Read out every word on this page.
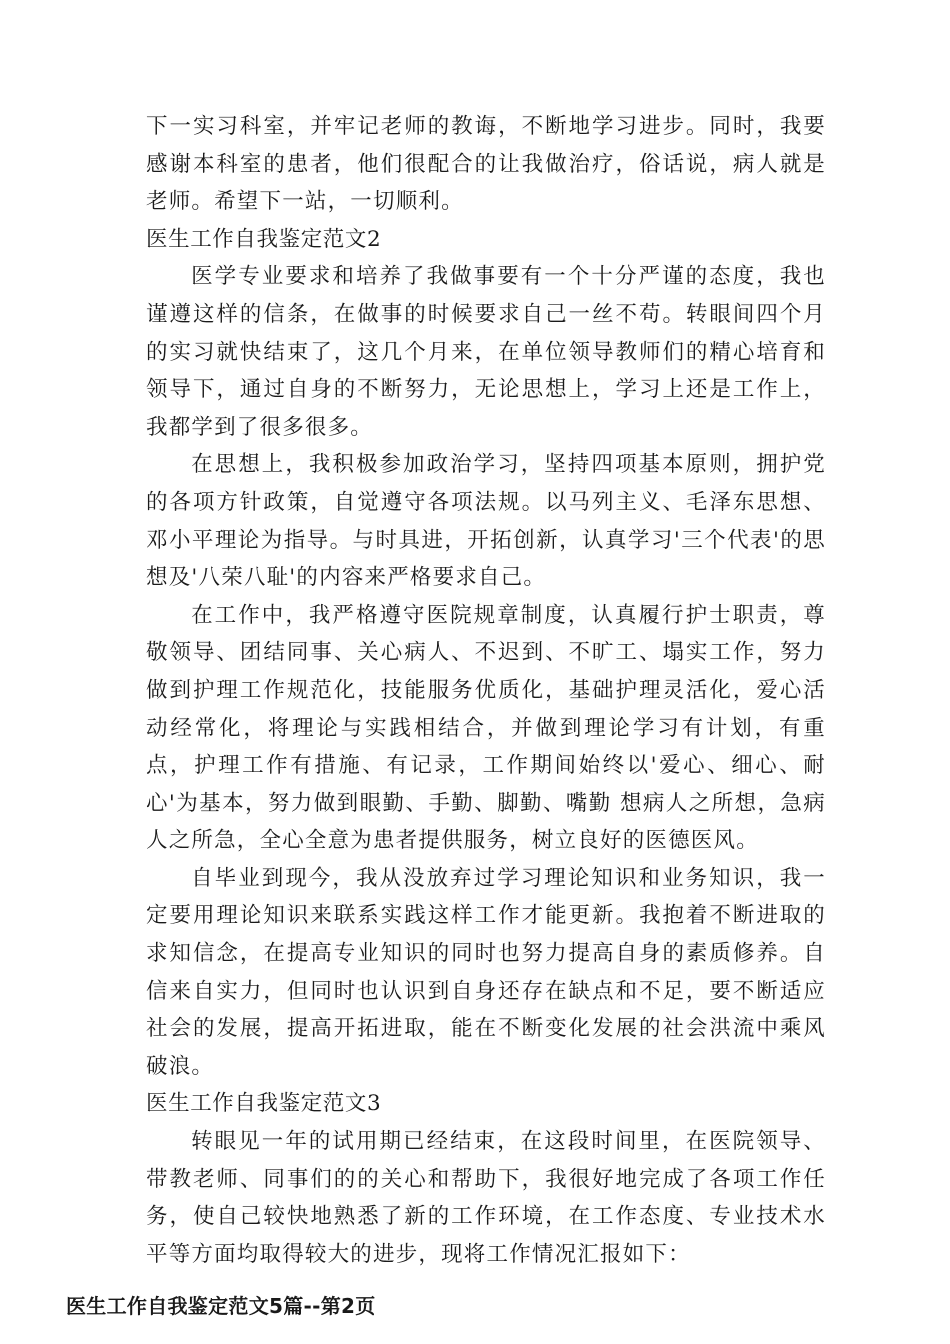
下一实习科室，并牢记老师的教诲，不断地学习进步。同时，我要感谢本科室的患者，他们很配合的让我做治疗，俗话说，病人就是老师。希望下一站，一切顺利。

医生工作自我鉴定范文2

医学专业要求和培养了我做事要有一个十分严谨的态度，我也谨遵这样的信条，在做事的时候要求自己一丝不苟。转眼间四个月的实习就快结束了，这几个月来，在单位领导教师们的精心培育和领导下，通过自身的不断努力，无论思想上，学习上还是工作上，我都学到了很多很多。

在思想上，我积极参加政治学习，坚持四项基本原则，拥护党的各项方针政策，自觉遵守各项法规。以马列主义、毛泽东思想、邓小平理论为指导。与时具进，开拓创新，认真学习'三个代表'的思想及'八荣八耻'的内容来严格要求自己。

在工作中，我严格遵守医院规章制度，认真履行护士职责，尊敬领导、团结同事、关心病人、不迟到、不旷工、塌实工作，努力做到护理工作规范化，技能服务优质化，基础护理灵活化，爱心活动经常化，将理论与实践相结合，并做到理论学习有计划，有重点，护理工作有措施、有记录，工作期间始终以'爱心、细心、耐心'为基本，努力做到眼勤、手勤、脚勤、嘴勤 想病人之所想，急病人之所急，全心全意为患者提供服务，树立良好的医德医风。

自毕业到现今，我从没放弃过学习理论知识和业务知识，我一定要用理论知识来联系实践这样工作才能更新。我抱着不断进取的求知信念，在提高专业知识的同时也努力提高自身的素质修养。自信来自实力，但同时也认识到自身还存在缺点和不足，要不断适应社会的发展，提高开拓进取，能在不断变化发展的社会洪流中乘风破浪。

医生工作自我鉴定范文3

转眼见一年的试用期已经结束，在这段时间里，在医院领导、带教老师、同事们的的关心和帮助下，我很好地完成了各项工作任务，使自己较快地熟悉了新的工作环境，在工作态度、专业技术水平等方面均取得较大的进步，现将工作情况汇报如下：

医生工作自我鉴定范文5篇--第2页
